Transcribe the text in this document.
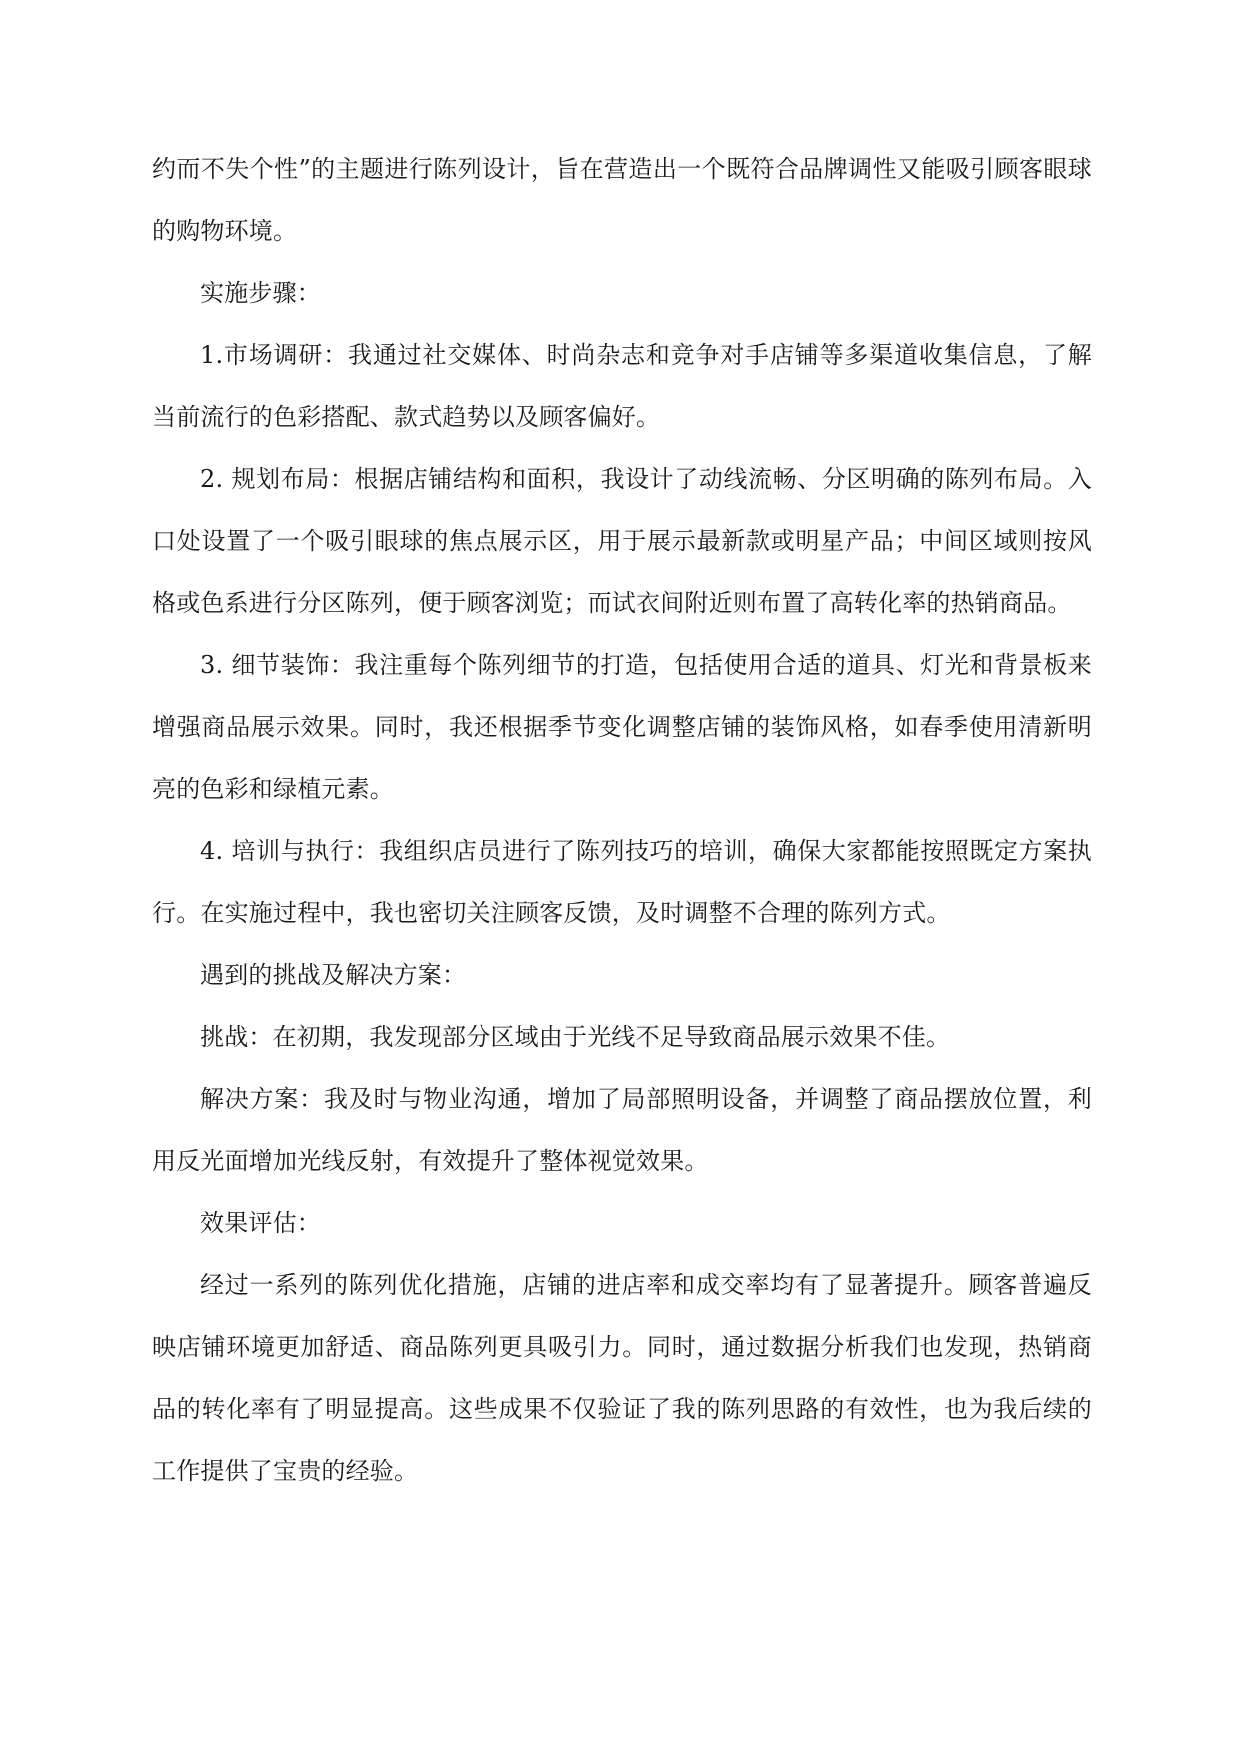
约而不失个性”的主题进行陈列设计，旨在营造出一个既符合品牌调性又能吸引顾客眼球的购物环境。

实施步骤：

1.市场调研：我通过社交媒体、时尚杂志和竞争对手店铺等多渠道收集信息，了解当前流行的色彩搭配、款式趋势以及顾客偏好。

2. 规划布局：根据店铺结构和面积，我设计了动线流畅、分区明确的陈列布局。入口处设置了一个吸引眼球的焦点展示区，用于展示最新款或明星产品；中间区域则按风格或色系进行分区陈列，便于顾客浏览；而试衣间附近则布置了高转化率的热销商品。

3. 细节装饰：我注重每个陈列细节的打造，包括使用合适的道具、灯光和背景板来增强商品展示效果。同时，我还根据季节变化调整店铺的装饰风格，如春季使用清新明亮的色彩和绿植元素。

4. 培训与执行：我组织店员进行了陈列技巧的培训，确保大家都能按照既定方案执行。在实施过程中，我也密切关注顾客反馈，及时调整不合理的陈列方式。

遇到的挑战及解决方案：

挑战：在初期，我发现部分区域由于光线不足导致商品展示效果不佳。

解决方案：我及时与物业沟通，增加了局部照明设备，并调整了商品摆放位置，利用反光面增加光线反射，有效提升了整体视觉效果。

效果评估：

经过一系列的陈列优化措施，店铺的进店率和成交率均有了显著提升。顾客普遍反映店铺环境更加舒适、商品陈列更具吸引力。同时，通过数据分析我们也发现，热销商品的转化率有了明显提高。这些成果不仅验证了我的陈列思路的有效性，也为我后续的工作提供了宝贵的经验。
